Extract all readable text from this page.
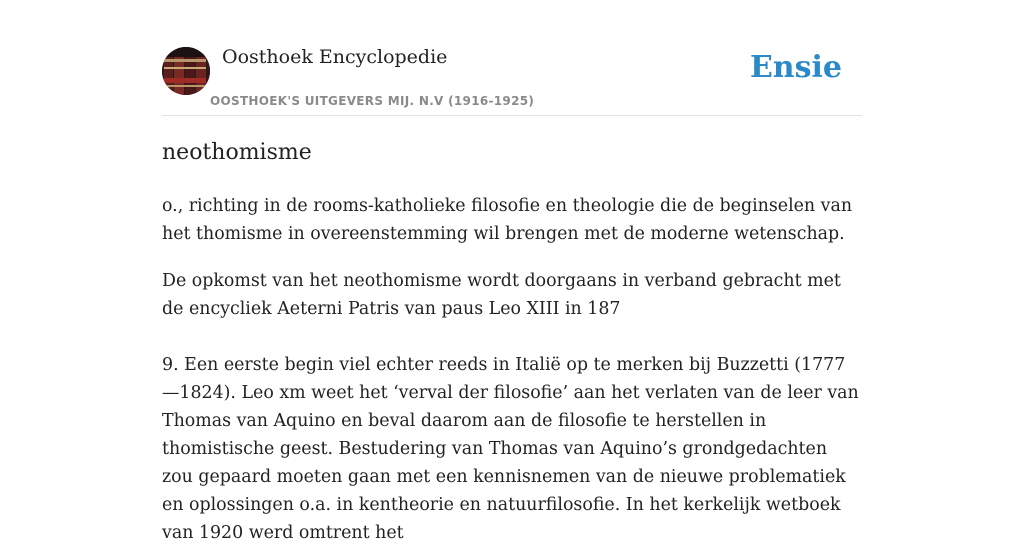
Oosthoek Encyclopedie
OOSTHOEK'S UITGEVERS MIJ. N.V (1916-1925)
Ensie
neothomisme

o., richting in de rooms-katholieke filosofie en theologie die de beginselen van het thomisme in overeenstemming wil brengen met de moderne wetenschap.

De opkomst van het neothomisme wordt doorgaans in verband gebracht met de encycliek Aeterni Patris van paus Leo XIII in 187

9. Een eerste begin viel echter reeds in Italië op te merken bij Buzzetti (1777—1824). Leo xm weet het ‘verval der filosofie’ aan het verlaten van de leer van Thomas van Aquino en beval daarom aan de filosofie te herstellen in thomistische geest. Bestudering van Thomas van Aquino’s grondgedachten zou gepaard moeten gaan met een kennisnemen van de nieuwe problematiek en oplossingen o.a. in kentheorie en natuurfilosofie. In het kerkelijk wetboek van 1920 werd omtrent het
